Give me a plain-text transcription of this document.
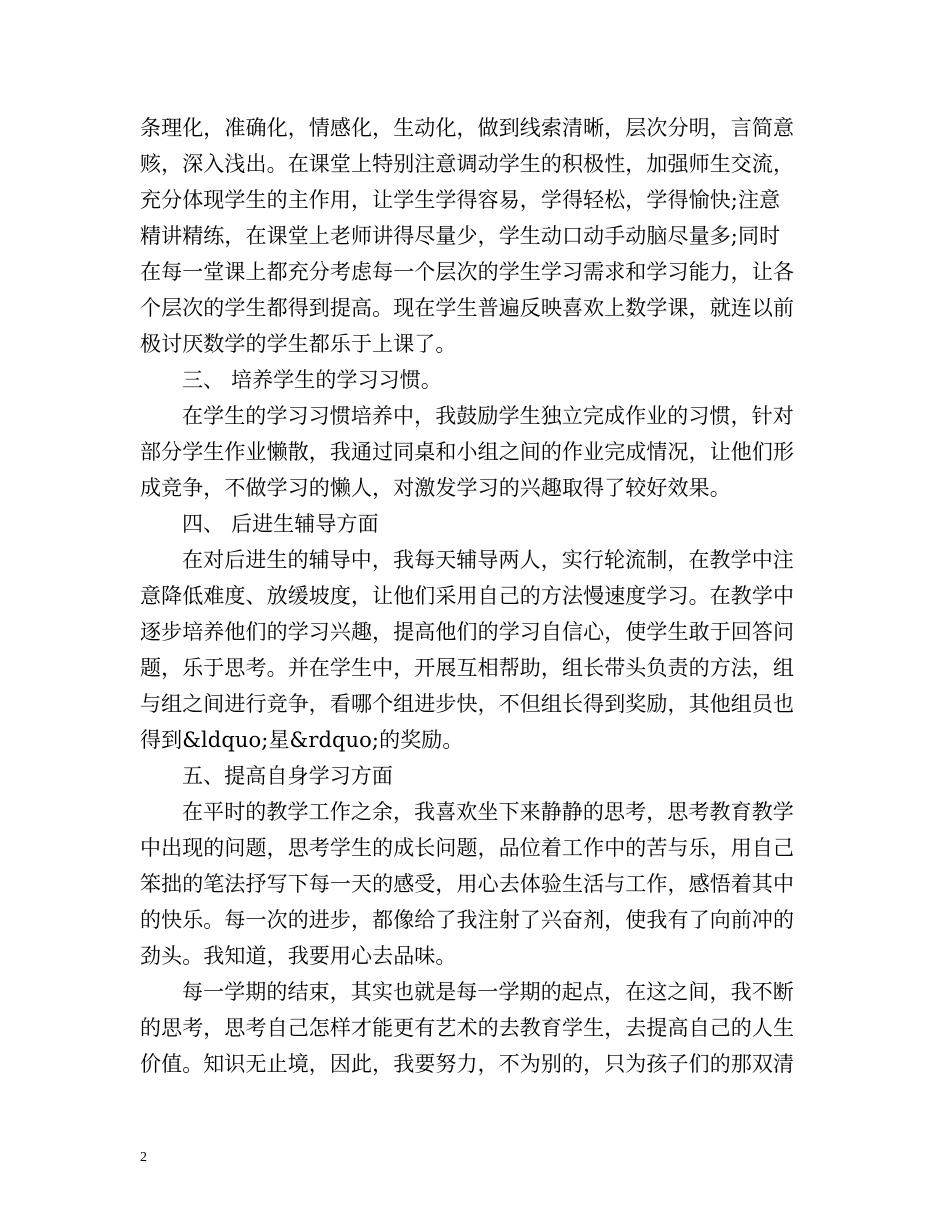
条理化，准确化，情感化，生动化，做到线索清晰，层次分明，言简意
赅，深入浅出。在课堂上特别注意调动学生的积极性，加强师生交流，
充分体现学生的主作用，让学生学得容易，学得轻松，学得愉快;注意
精讲精练，在课堂上老师讲得尽量少，学生动口动手动脑尽量多;同时
在每一堂课上都充分考虑每一个层次的学生学习需求和学习能力，让各
个层次的学生都得到提高。现在学生普遍反映喜欢上数学课，就连以前
极讨厌数学的学生都乐于上课了。
三、 培养学生的学习习惯。
在学生的学习习惯培养中，我鼓励学生独立完成作业的习惯，针对
部分学生作业懒散，我通过同桌和小组之间的作业完成情况，让他们形
成竞争，不做学习的懒人，对激发学习的兴趣取得了较好效果。
四、 后进生辅导方面
在对后进生的辅导中，我每天辅导两人，实行轮流制，在教学中注
意降低难度、放缓坡度，让他们采用自己的方法慢速度学习。在教学中
逐步培养他们的学习兴趣，提高他们的学习自信心，使学生敢于回答问
题，乐于思考。并在学生中，开展互相帮助，组长带头负责的方法，组
与组之间进行竞争，看哪个组进步快，不但组长得到奖励，其他组员也
得到&ldquo;星&rdquo;的奖励。
五、提高自身学习方面
在平时的教学工作之余，我喜欢坐下来静静的思考，思考教育教学
中出现的问题，思考学生的成长问题，品位着工作中的苦与乐，用自己
笨拙的笔法抒写下每一天的感受，用心去体验生活与工作，感悟着其中
的快乐。每一次的进步，都像给了我注射了兴奋剂，使我有了向前冲的
劲头。我知道，我要用心去品味。
每一学期的结束，其实也就是每一学期的起点，在这之间，我不断
的思考，思考自己怎样才能更有艺术的去教育学生，去提高自己的人生
价值。知识无止境，因此，我要努力，不为别的，只为孩子们的那双清
2
